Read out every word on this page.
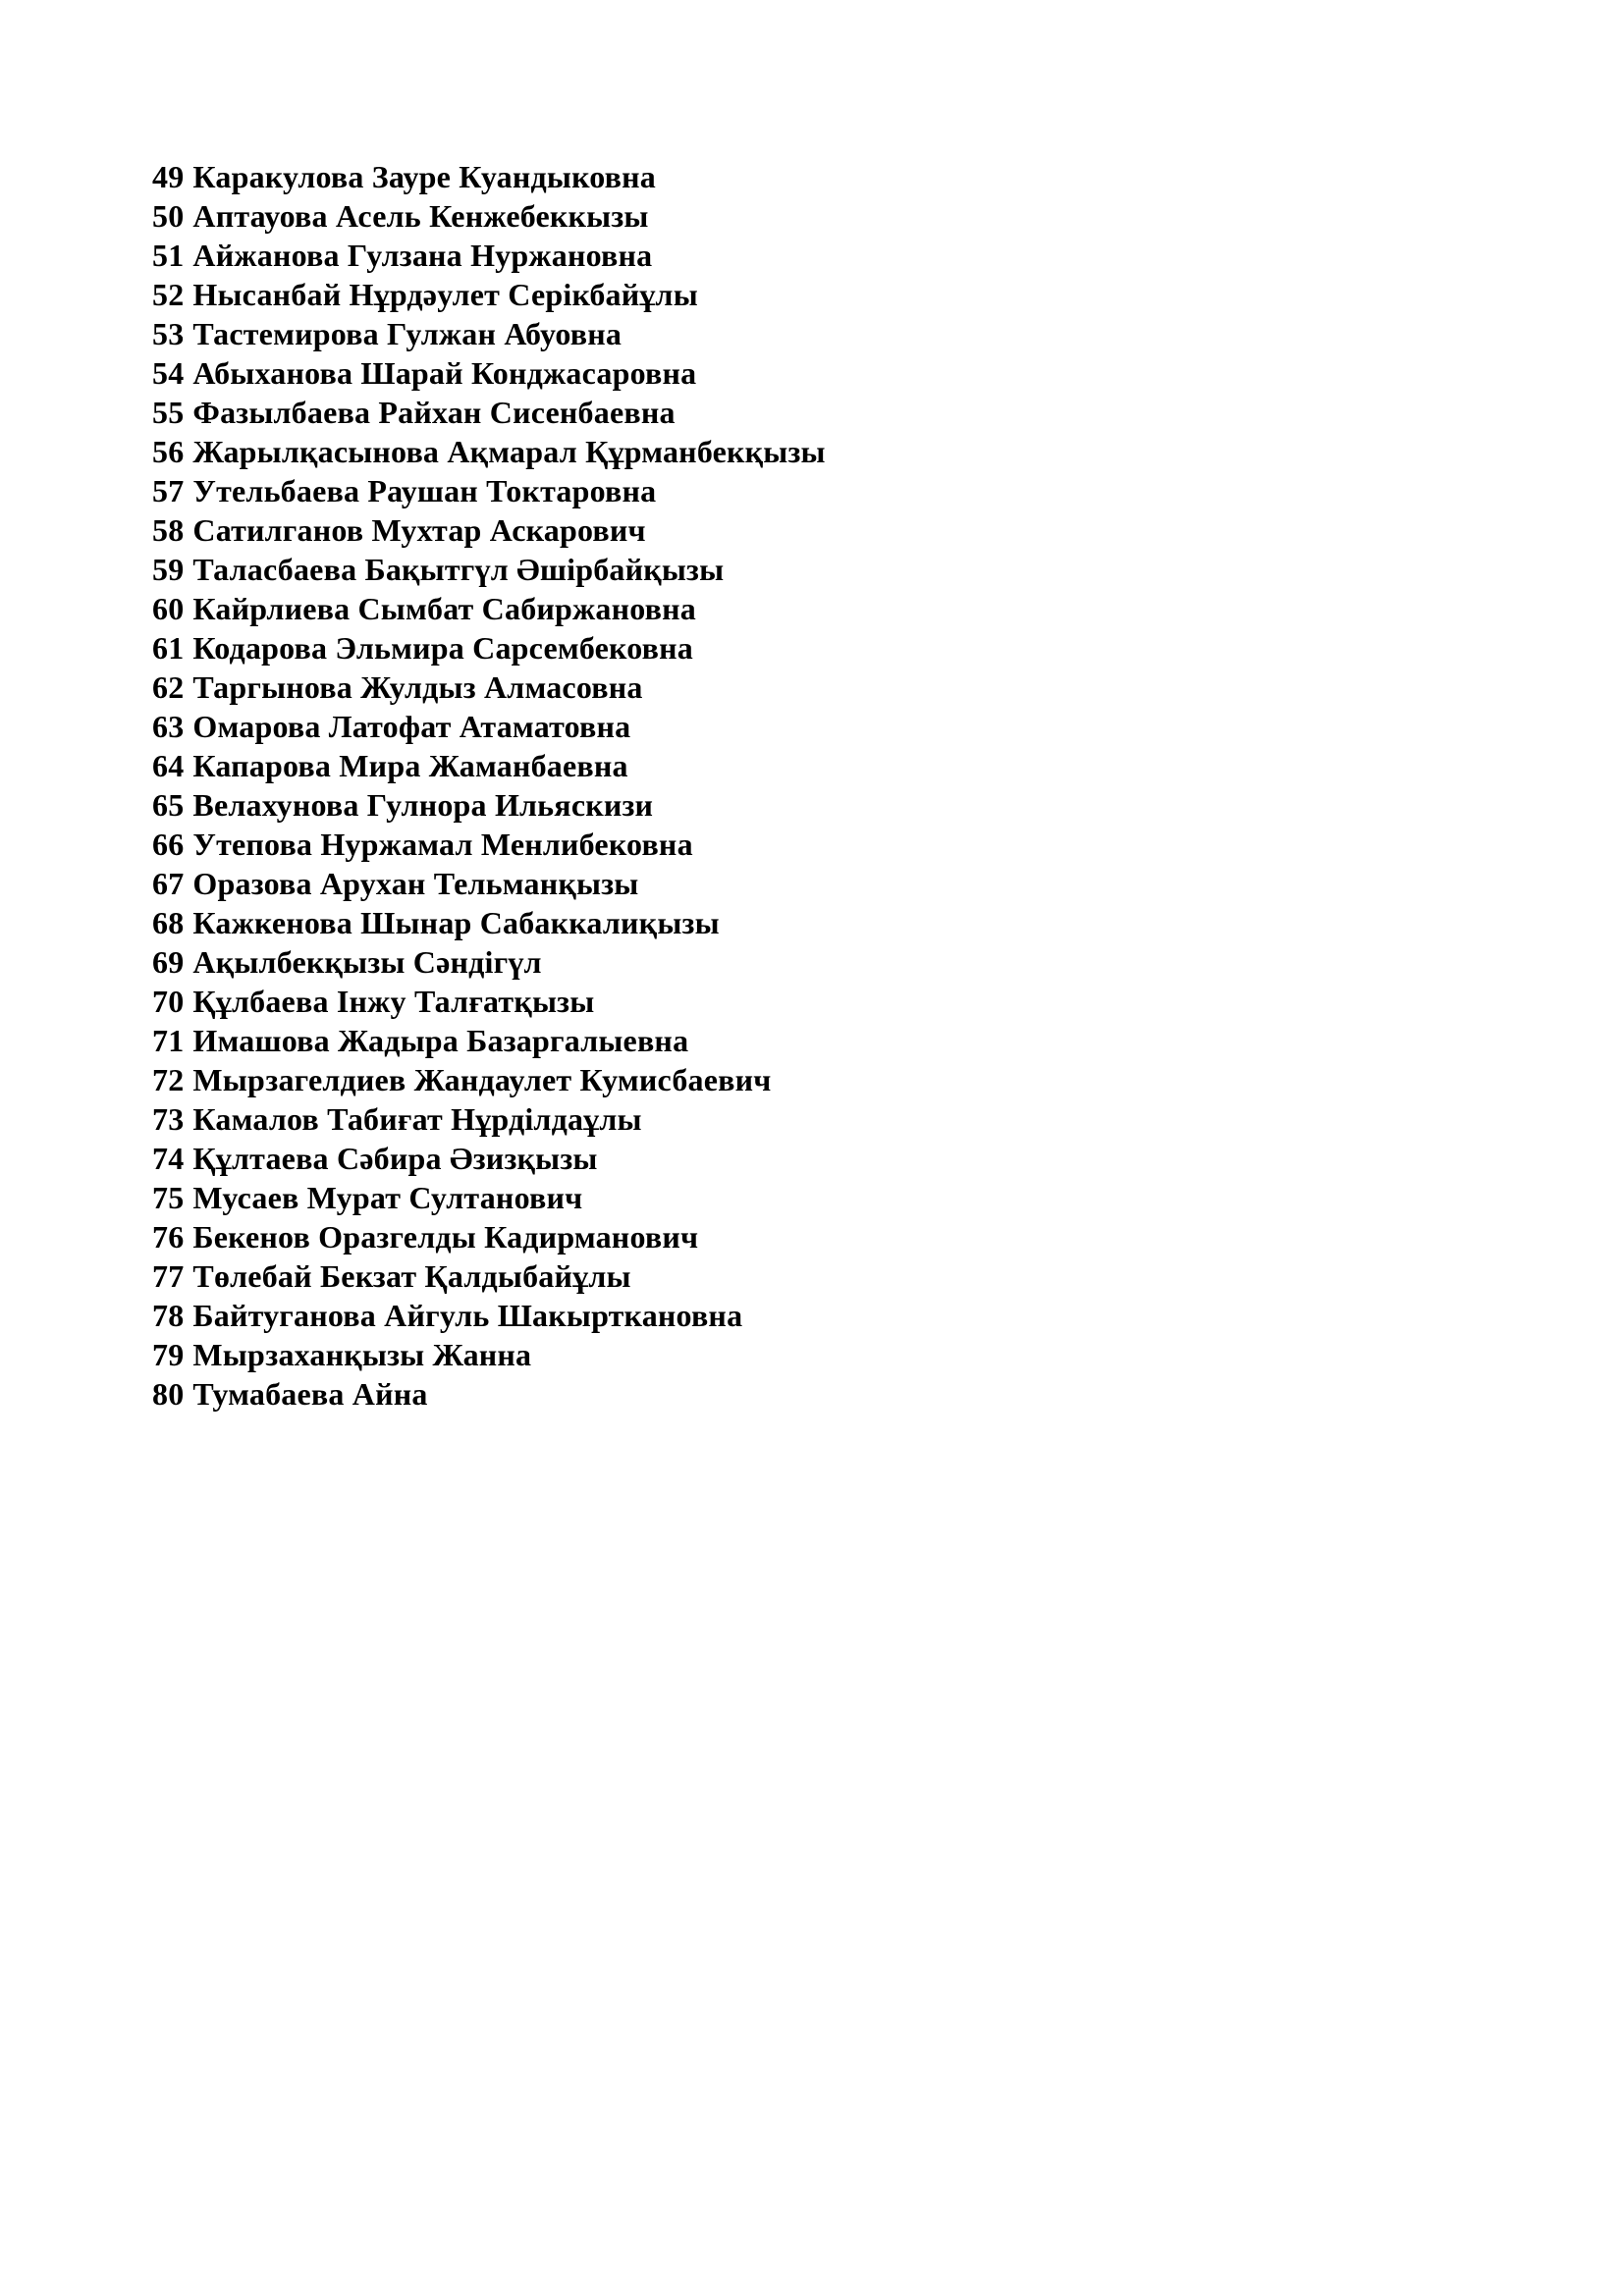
49 Каракулова Зауре Куандыковна
50 Аптауова Асель Кенжебеккызы
51 Айжанова Гулзана Нуржановна
52 Нысанбай Нұрдәулет Серікбайұлы
53 Тастемирова Гулжан Абуовна
54 Абыханова Шарай Конджасаровна
55 Фазылбаева Райхан Сисенбаевна
56 Жарылқасынова Ақмарал Құрманбекқызы
57 Утельбаева Раушан Токтаровна
58 Сатилганов Мухтар Аскарович
59 Таласбаева Бақытгүл Әшірбайқызы
60 Кайрлиева Сымбат Сабиржановна
61 Кодарова Эльмира Сарсембековна
62 Таргынова Жулдыз Алмасовна
63 Омарова Латофат Атаматовна
64 Капарова Мира Жаманбаевна
65 Велахунова Гулнора Ильяскизи
66 Утепова Нуржамал Менлибековна
67 Оразова Арухан Тельманқызы
68 Кажкенова Шынар Сабаккалиқызы
69 Ақылбекқызы Сәндігүл
70 Құлбаева Інжу Талғатқызы
71 Имашова Жадыра Базаргалыевна
72 Мырзагелдиев Жандаулет Кумисбаевич
73 Камалов Табиғат Нұрділдаұлы
74 Құлтаева Сәбира Әзизқызы
75 Мусаев Мурат Султанович
76 Бекенов Оразгелды Кадирманович
77 Төлебай Бекзат Қалдыбайұлы
78 Байтуганова Айгуль Шакырткановна
79 Мырзаханқызы Жанна
80 Тумабаева Айна
